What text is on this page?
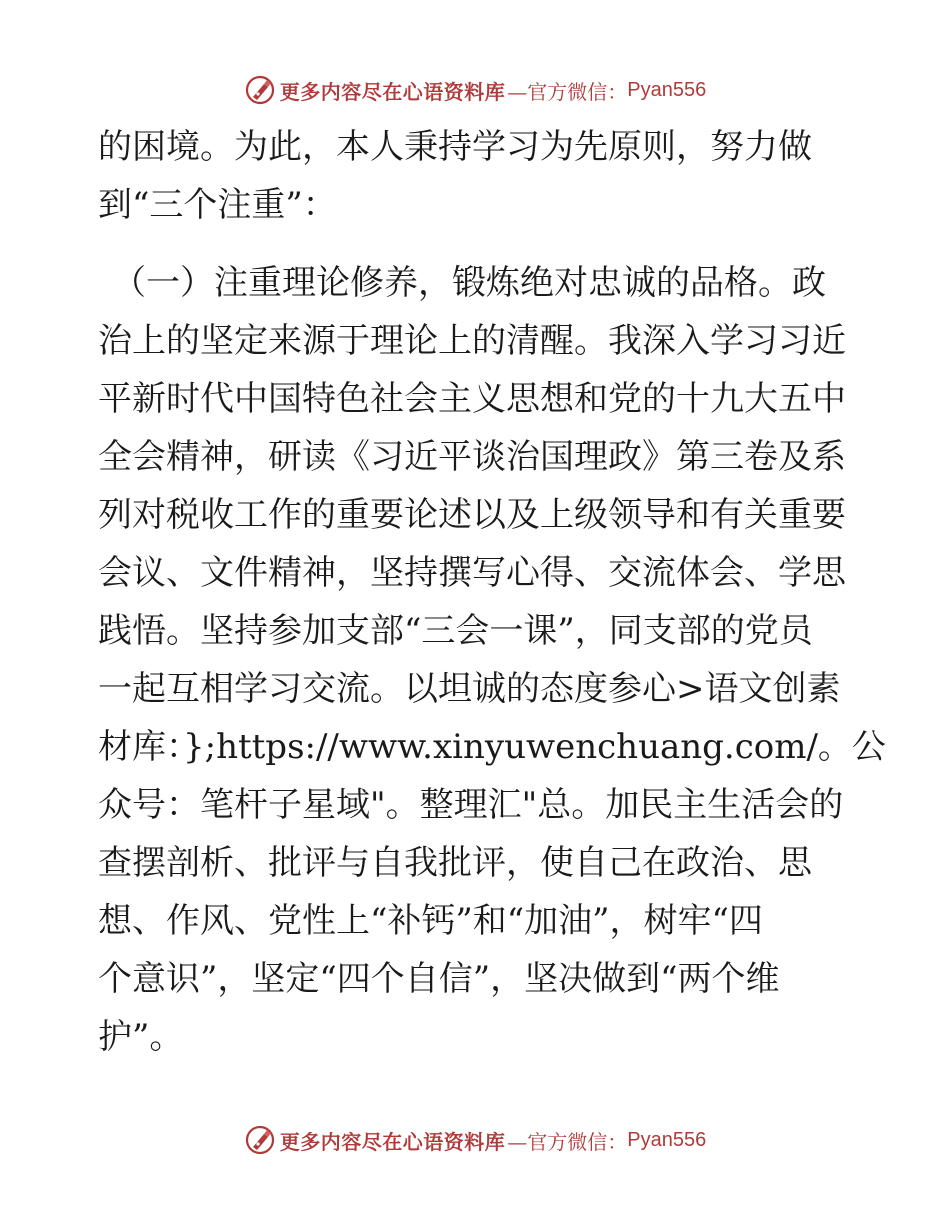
更多内容尽在心语资料库 —官方微信： Pyan556
的困境。为此，本人秉持学习为先原则，努力做
到“三个注重”：
（一）注重理论修养，锻炼绝对忠诚的品格。政
治上的坚定来源于理论上的清醒。我深入学习习近
平新时代中国特色社会主义思想和党的十九大五中
全会精神，研读《习近平谈治国理政》第三卷及系
列对税收工作的重要论述以及上级领导和有关重要
会议、文件精神，坚持撰写心得、交流体会、学思
践悟。坚持参加支部“三会一课”，同支部的党员
一起互相学习交流。以坦诚的态度参心>语文创素
材库：};https://www.xinyuwenchuang.com/。公
众号：笔杆子星域"。整理汇"总。加民主生活会的
查摆剖析、批评与自我批评，使自己在政治、思
想、作风、党性上“补钙”和“加油”，树牢“四
个意识”，坚定“四个自信”，坚决做到“两个维
护”。
更多内容尽在心语资料库 —官方微信： Pyan556
